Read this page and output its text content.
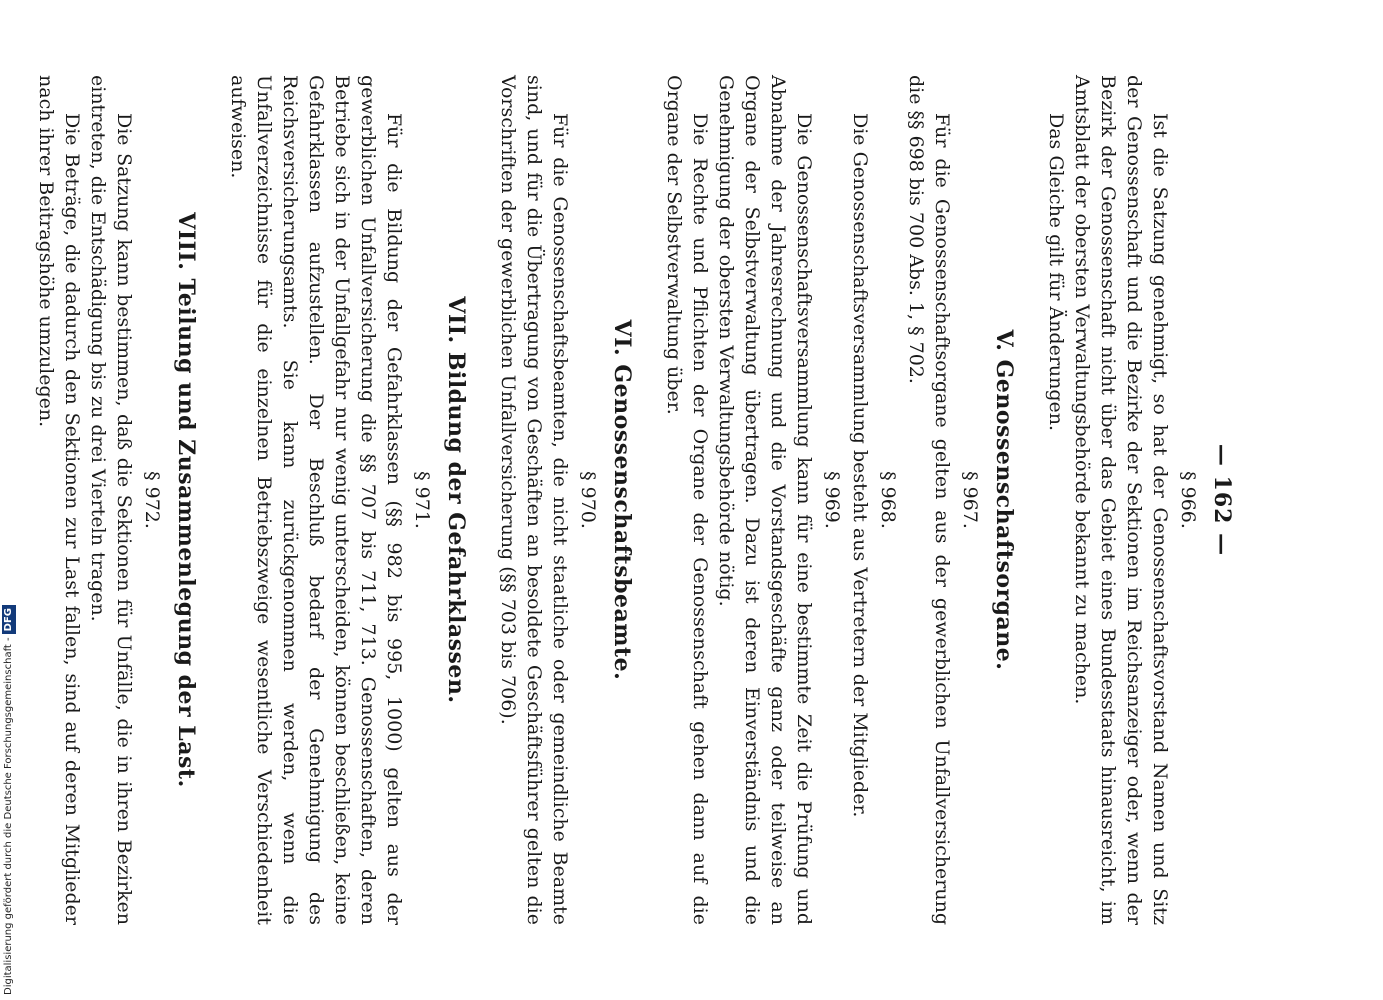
— 162 —
§ 966.

Ist die Satzung genehmigt, so hat der Genossenschaftsvorstand Namen und Sitz der Genossenschaft und die Bezirke der Sektionen im Reichsanzeiger oder, wenn der Bezirk der Genossenschaft nicht über das Gebiet eines Bundesstaats hinausreicht, im Amtsblatt der obersten Verwaltungsbehörde bekannt zu machen.

Das Gleiche gilt für Änderungen.

V. Genossenschaftsorgane.
§ 967.

Für die Genossenschaftsorgane gelten aus der gewerblichen Unfallversicherung die §§ 698 bis 700 Abs. 1, § 702.

§ 968.

Die Genossenschaftsversammlung besteht aus Vertretern der Mitglieder.

§ 969.

Die Genossenschaftsversammlung kann für eine bestimmte Zeit die Prüfung und Abnahme der Jahresrechnung und die Vorstandsgeschäfte ganz oder teilweise an Organe der Selbstverwaltung übertragen. Dazu ist deren Einverständnis und die Genehmigung der obersten Verwaltungsbehörde nötig.

Die Rechte und Pflichten der Organe der Genossenschaft gehen dann auf die Organe der Selbstverwaltung über.

VI. Genossenschaftsbeamte.
§ 970.

Für die Genossenschaftsbeamten, die nicht staatliche oder gemeindliche Beamte sind, und für die Übertragung von Geschäften an besoldete Geschäftsführer gelten die Vorschriften der gewerblichen Unfallversicherung (§§ 703 bis 706).

VII. Bildung der Gefahrklassen.
§ 971.

Für die Bildung der Gefahrklassen (§§ 982 bis 995, 1000) gelten aus der gewerblichen Unfallversicherung die §§ 707 bis 711, 713. Genossenschaften, deren Betriebe sich in der Unfallgefahr nur wenig unterscheiden, können beschließen, keine Gefahrklassen aufzustellen. Der Beschluß bedarf der Genehmigung des Reichsversicherungsamts. Sie kann zurückgenommen werden, wenn die Unfallverzeichnisse für die einzelnen Betriebszweige wesentliche Verschiedenheit aufweisen.

VIII. Teilung und Zusammenlegung der Last.
§ 972.

Die Satzung kann bestimmen, daß die Sektionen für Unfälle, die in ihren Bezirken eintreten, die Entschädigung bis zu drei Vierteln tragen.

Die Beträge, die dadurch den Sektionen zur Last fallen, sind auf deren Mitglieder nach ihrer Beitragshöhe umzulegen.

Digitalisierung gefördert durch die Deutsche Forschungsgemeinschaft -DFG
